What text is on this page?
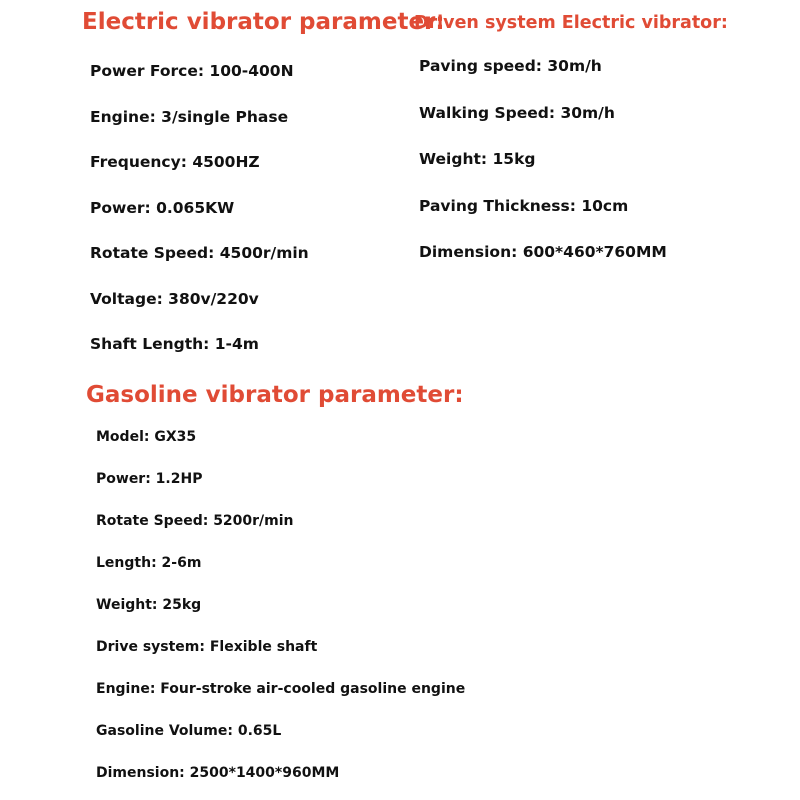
Electric vibrator parameter:
Driven system Electric vibrator:
Power Force: 100-400N
Engine: 3/single Phase
Frequency: 4500HZ
Power: 0.065KW
Rotate Speed: 4500r/min
Voltage: 380v/220v
Shaft Length: 1-4m
Paving speed: 30m/h
Walking Speed: 30m/h
Weight: 15kg
Paving Thickness: 10cm
Dimension: 600*460*760MM
Gasoline vibrator parameter:
Model: GX35
Power: 1.2HP
Rotate Speed: 5200r/min
Length: 2-6m
Weight: 25kg
Drive system: Flexible shaft
Engine: Four-stroke air-cooled gasoline engine
Gasoline Volume: 0.65L
Dimension: 2500*1400*960MM
